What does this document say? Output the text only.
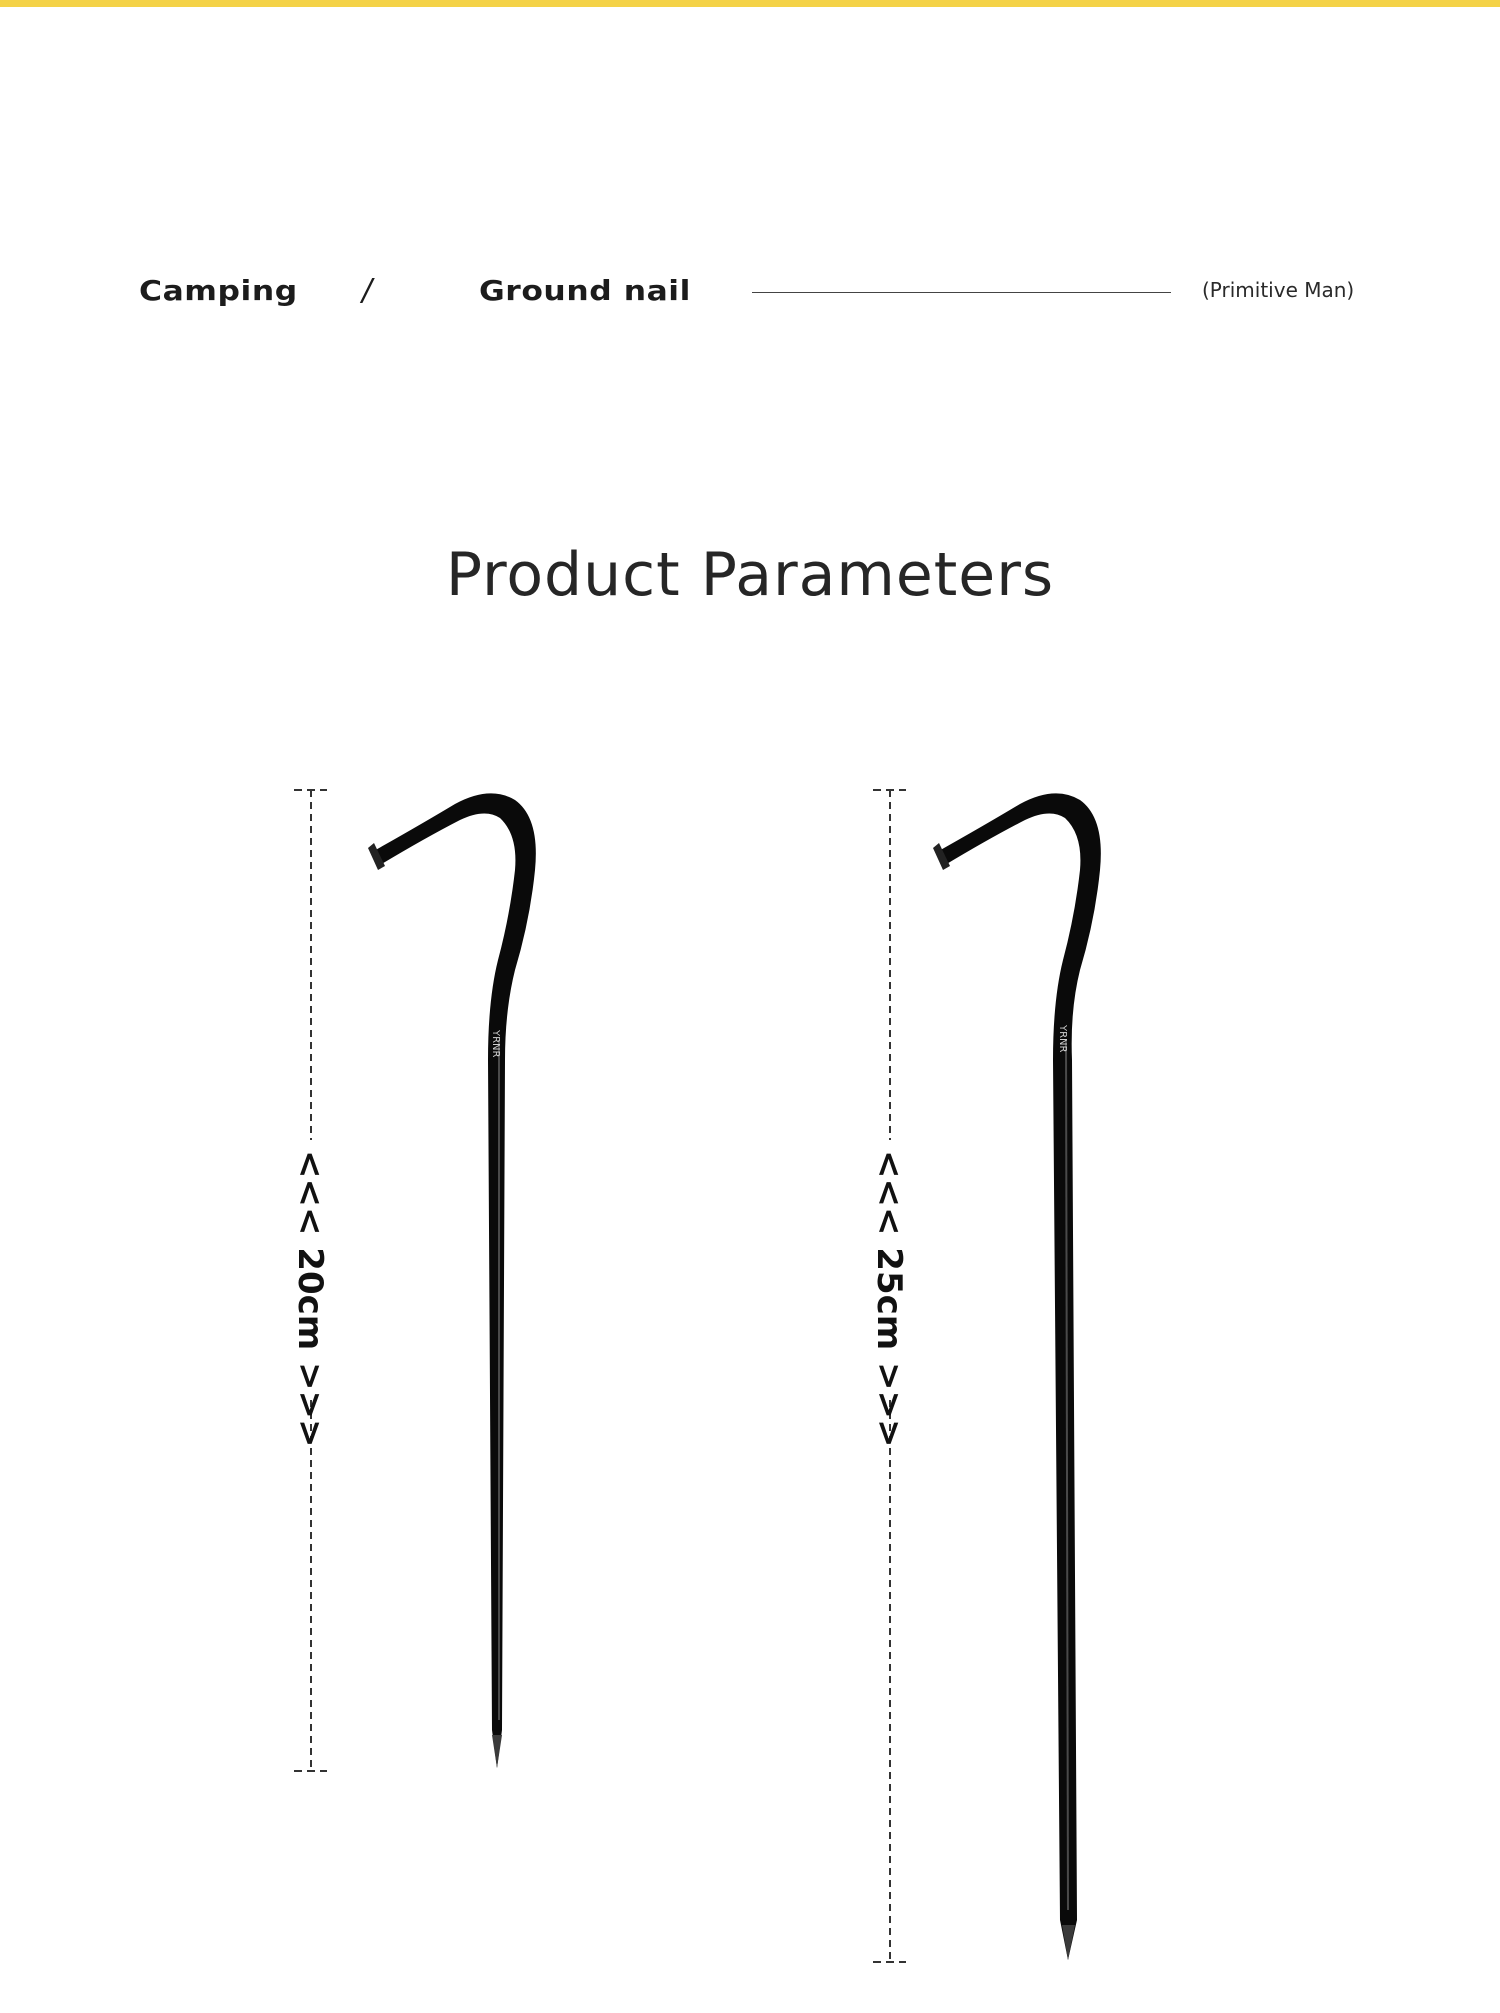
Camping /	Ground nail	(Primitive Man)
Product Parameters
<<< 20cm >>>
YRNR
<<< 25cm >>>
YRNR
